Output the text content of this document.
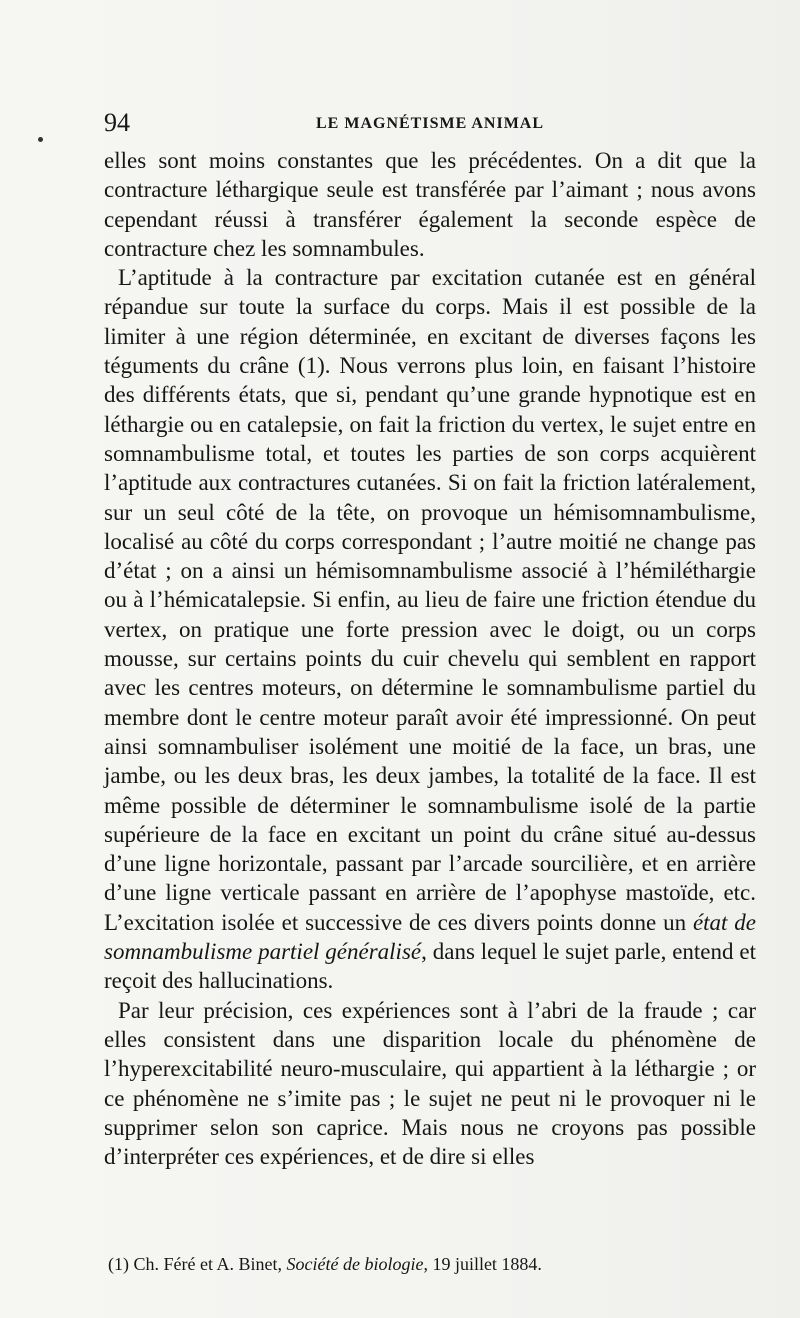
94	LE MAGNÉTISME ANIMAL

elles sont moins constantes que les précédentes. On a dit que la contracture léthargique seule est transférée par l’aimant ; nous avons cependant réussi à transférer également la seconde espèce de contracture chez les somnambules.

L’aptitude à la contracture par excitation cutanée est en général répandue sur toute la surface du corps. Mais il est possible de la limiter à une région déterminée, en excitant de diverses façons les téguments du crâne (1). Nous verrons plus loin, en faisant l’histoire des différents états, que si, pendant qu’une grande hypnotique est en léthargie ou en catalepsie, on fait la friction du vertex, le sujet entre en somnambulisme total, et toutes les parties de son corps acquièrent l’aptitude aux contractures cutanées. Si on fait la friction latéralement, sur un seul côté de la tête, on provoque un hémisomnambulisme, localisé au côté du corps correspondant ; l’autre moitié ne change pas d’état ; on a ainsi un hémisomnambulisme associé à l’hémiléthargie ou à l’hémicatalepsie. Si enfin, au lieu de faire une friction étendue du vertex, on pratique une forte pression avec le doigt, ou un corps mousse, sur certains points du cuir chevelu qui semblent en rapport avec les centres moteurs, on détermine le somnambulisme partiel du membre dont le centre moteur paraît avoir été impressionné. On peut ainsi somnambuliser isolément une moitié de la face, un bras, une jambe, ou les deux bras, les deux jambes, la totalité de la face. Il est même possible de déterminer le somnambulisme isolé de la partie supérieure de la face en excitant un point du crâne situé au-dessus d’une ligne horizontale, passant par l’arcade sourcilière, et en arrière d’une ligne verticale passant en arrière de l’apophyse mastoïde, etc. L’excitation isolée et successive de ces divers points donne un état de somnambulisme partiel généralisé, dans lequel le sujet parle, entend et reçoit des hallucinations.

Par leur précision, ces expériences sont à l’abri de la fraude ; car elles consistent dans une disparition locale du phénomène de l’hyperexcitabilité neuro-musculaire, qui appartient à la léthargie ; or ce phénomène ne s’imite pas ; le sujet ne peut ni le provoquer ni le supprimer selon son caprice. Mais nous ne croyons pas possible d’interpréter ces expériences, et de dire si elles

(1) Ch. Féré et A. Binet, Société de biologie, 19 juillet 1884.
